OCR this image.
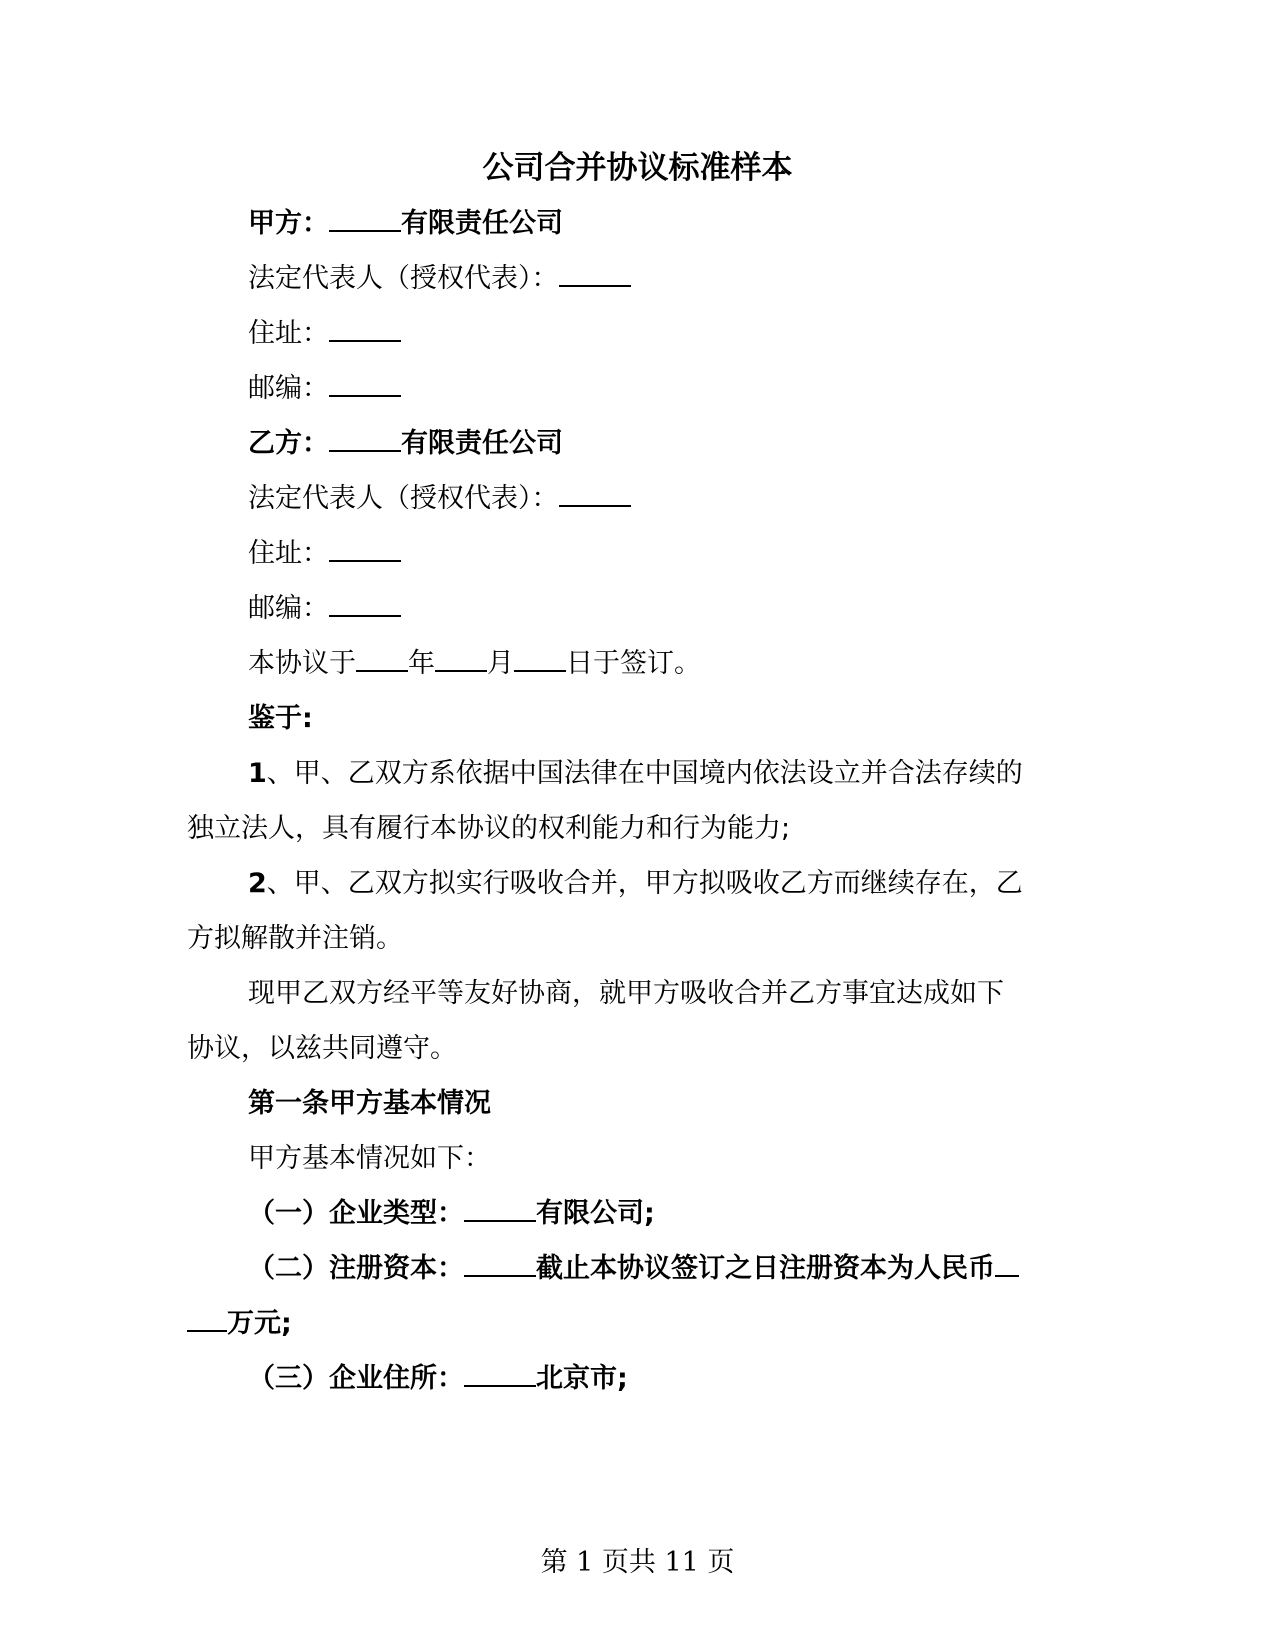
公司合并协议标准样本
甲方：	有限责任公司
法定代表人（授权代表）：
住址：
邮编：
乙方：	有限责任公司
法定代表人（授权代表）：
住址：
邮编：
本协议于 年 月 日于签订。
鉴于:
1、甲、乙双方系依据中国法律在中国境内依法设立并合法存续的
独立法人，具有履行本协议的权利能力和行为能力;
2、甲、乙双方拟实行吸收合并，甲方拟吸收乙方而继续存在，乙
方拟解散并注销。
现甲乙双方经平等友好协商，就甲方吸收合并乙方事宜达成如下
协议，以兹共同遵守。
第一条甲方基本情况
甲方基本情况如下：
（一）企业类型：	有限公司;
（二）注册资本：	截止本协议签订之日注册资本为人民币
万元;
（三）企业住所：	北京市;
第 1 页共 11 页
